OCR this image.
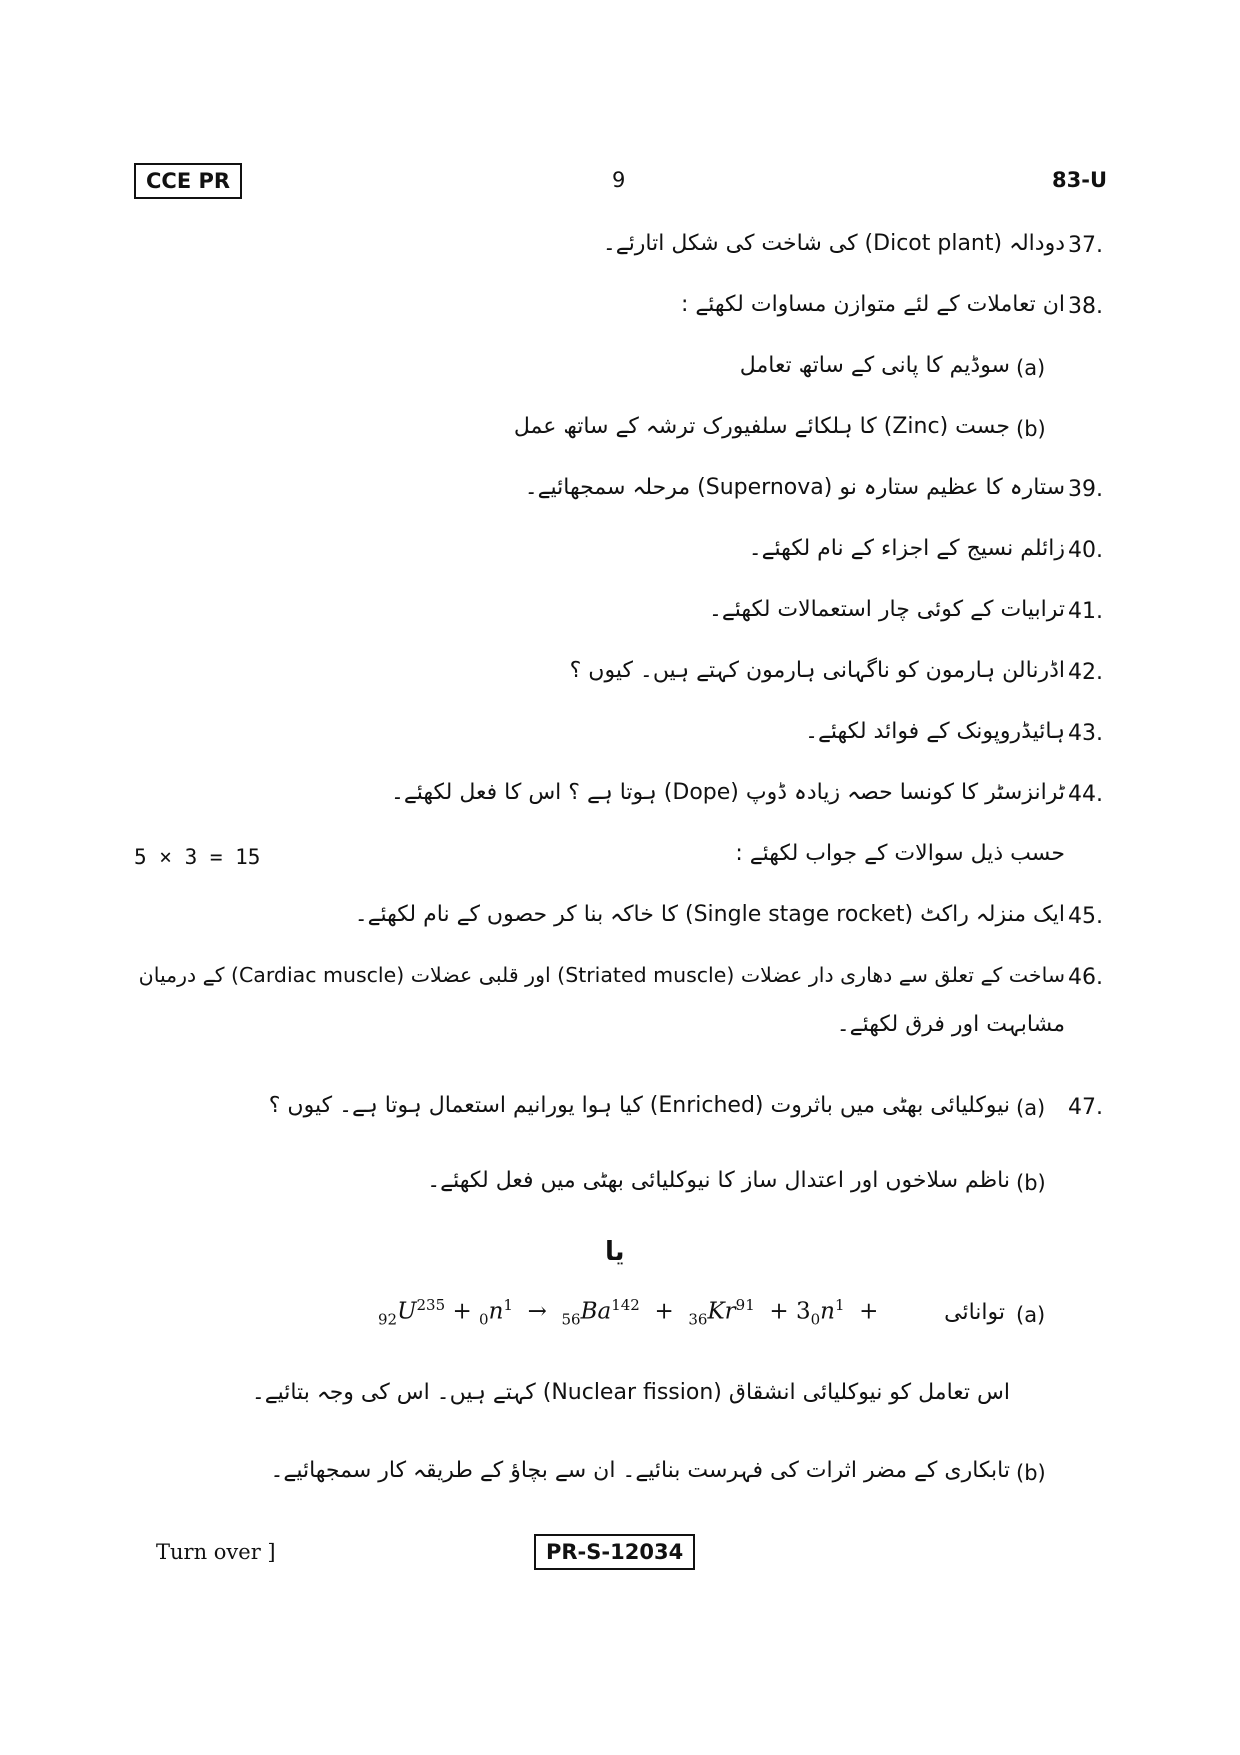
CCE PR	9	83-U
دودالہ (Dicot plant) کی شاخت کی شکل اتارئے۔ 37.
ان تعاملات کے لئے متوازن مساوات لکھئے : 38.
سوڈیم کا پانی کے ساتھ تعامل (a)
جست (Zinc) کا ہلکائے سلفیورک ترشہ کے ساتھ عمل (b)
ستارہ کا عظیم ستارہ نو (Supernova) مرحلہ سمجھائیے۔ 39.
زائلم نسیج کے اجزاء کے نام لکھئے۔ 40.
ترابیات کے کوئی چار استعمالات لکھئے۔ 41.
اڈرنالن ہارمون کو ناگہانی ہارمون کہتے ہیں۔ کیوں ؟ 42.
ہائیڈروپونک کے فوائد لکھئے۔ 43.
ٹرانزسٹر کا کونسا حصہ زیادہ ڈوپ (Dope) ہوتا ہے ؟ اس کا فعل لکھئے۔ 44.
حسب ذیل سوالات کے جواب لکھئے :
5 × 3 = 15
ایک منزلہ راکٹ (Single stage rocket) کا خاکہ بنا کر حصوں کے نام لکھئے۔ 45.
ساخت کے تعلق سے دھاری دار عضلات (Striated muscle) اور قلبی عضلات (Cardiac muscle) کے درمیان 46.
مشابہت اور فرق لکھئے۔
نیوکلیائی بھٹی میں باثروت (Enriched) کیا ہوا یورانیم استعمال ہوتا ہے۔ کیوں ؟ (a) 47.
ناظم سلاخوں اور اعتدال ساز کا نیوکلیائی بھٹی میں فعل لکھئے۔ (b)
یا
(a)
توانائی
$_{92}U^{235} + _0n^1 \to _{56}Ba^{142} + _{36}Kr^{91} + 3_0n^1$ +
اس تعامل کو نیوکلیائی انشقاق (Nuclear fission) کہتے ہیں۔ اس کی وجہ بتائیے۔
تابکاری کے مضر اثرات کی فہرست بنائیے۔ ان سے بچاؤ کے طریقہ کار سمجھائیے۔ (b)
Turn over ]	PR-S-12034
